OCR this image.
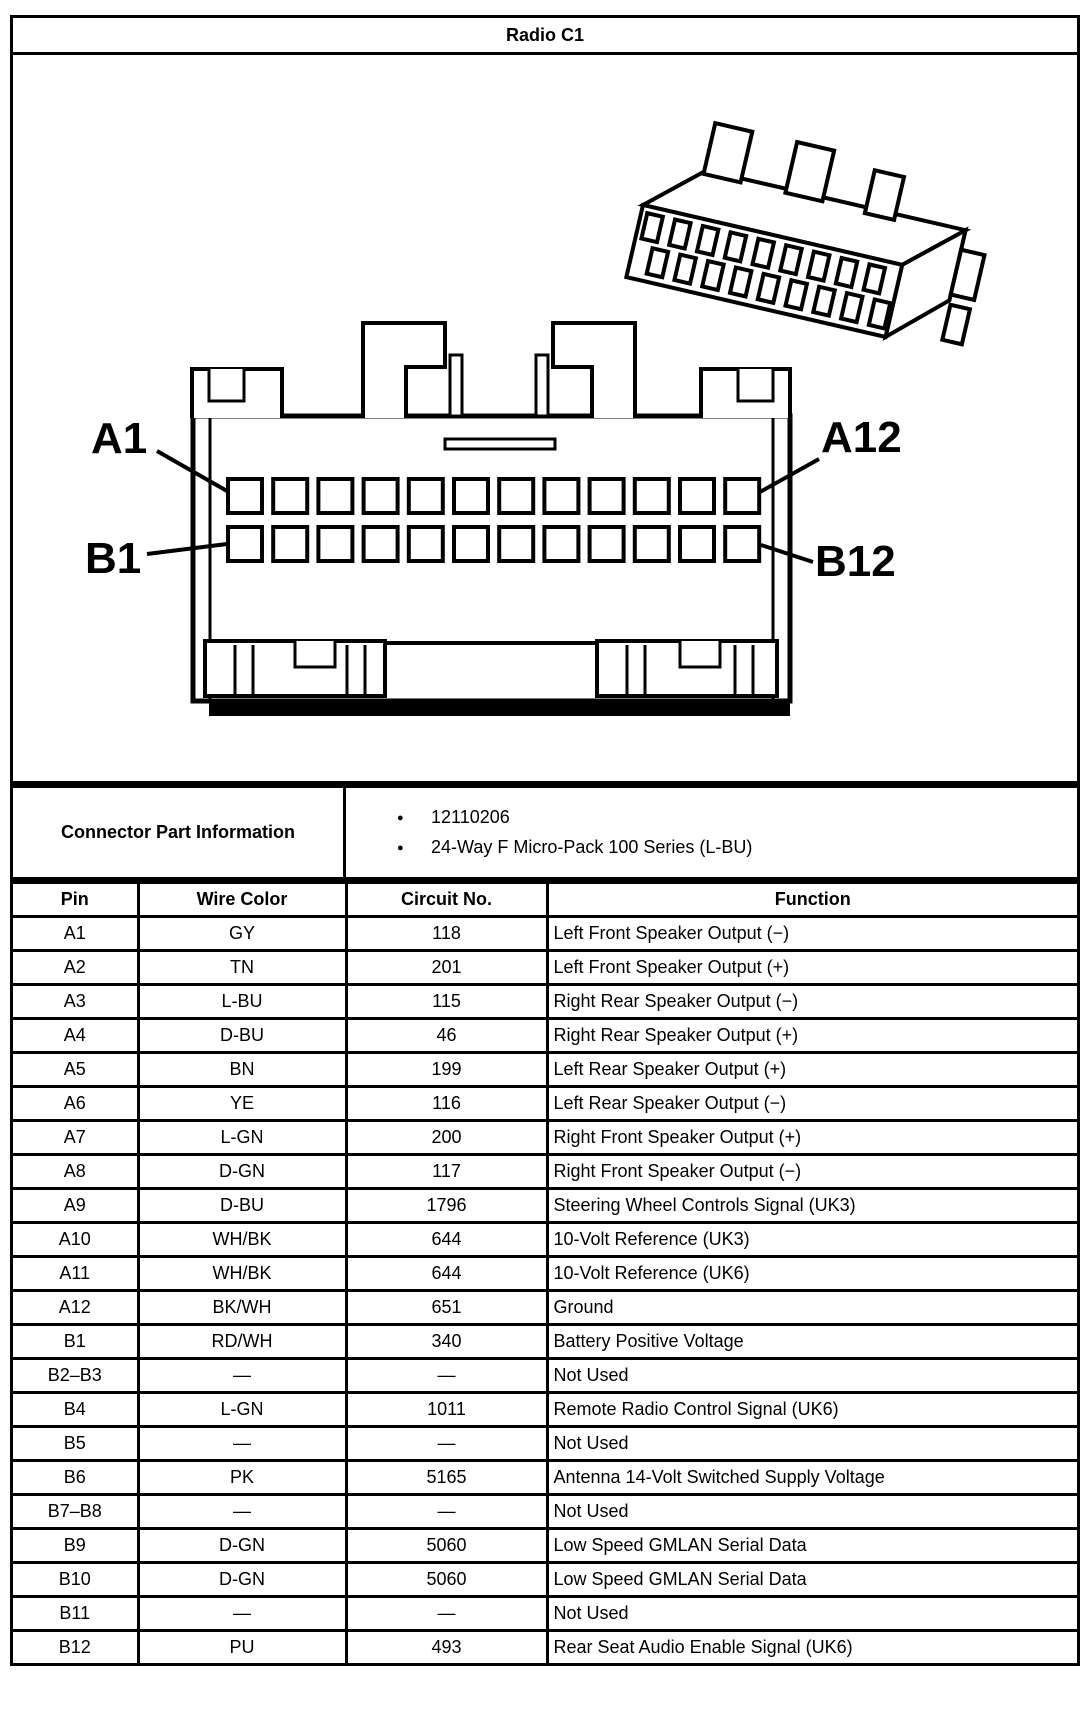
Radio C1
A1
B1
A12
B12
Connector Part Information
● 12110206
● 24-Way F Micro-Pack 100 Series (L-BU)
Pin	Wire Color	Circuit No.	Function
A1	GY	118	Left Front Speaker Output (−)
A2	TN	201	Left Front Speaker Output (+)
A3	L-BU	115	Right Rear Speaker Output (−)
A4	D-BU	46	Right Rear Speaker Output (+)
A5	BN	199	Left Rear Speaker Output (+)
A6	YE	116	Left Rear Speaker Output (−)
A7	L-GN	200	Right Front Speaker Output (+)
A8	D-GN	117	Right Front Speaker Output (−)
A9	D-BU	1796	Steering Wheel Controls Signal (UK3)
A10	WH/BK	644	10-Volt Reference (UK3)
A11	WH/BK	644	10-Volt Reference (UK6)
A12	BK/WH	651	Ground
B1	RD/WH	340	Battery Positive Voltage
B2–B3	—	—	Not Used
B4	L-GN	1011	Remote Radio Control Signal (UK6)
B5	—	—	Not Used
B6	PK	5165	Antenna 14-Volt Switched Supply Voltage
B7–B8	—	—	Not Used
B9	D-GN	5060	Low Speed GMLAN Serial Data
B10	D-GN	5060	Low Speed GMLAN Serial Data
B11	—	—	Not Used
B12	PU	493	Rear Seat Audio Enable Signal (UK6)
